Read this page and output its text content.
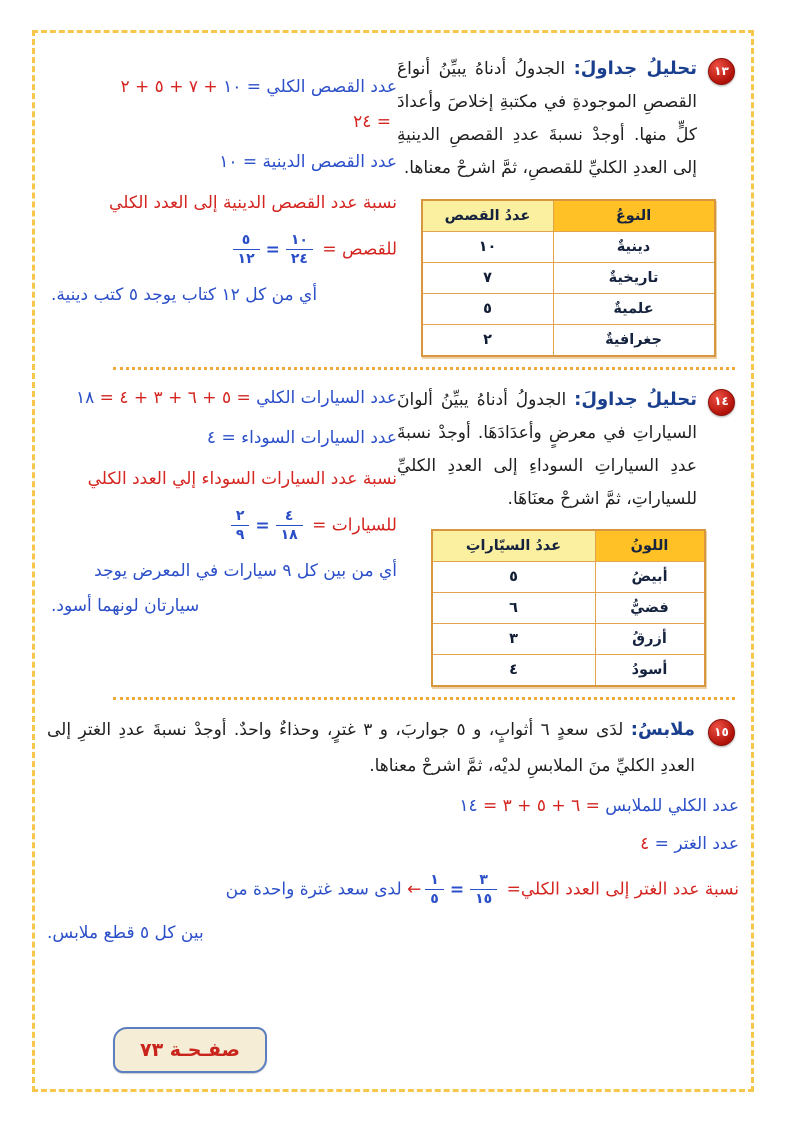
١٣
تحليلُ جداولَ: الجدولُ أدناهُ يبيِّنُ أنواعَ القصصِ الموجودةِ في مكتبةِ إخلاصَ وأعدادَ كلٍّ منها. أوجدْ نسبةَ عددِ القصصِ الدينيةِ إلى العددِ الكليِّ للقصصِ، ثمَّ اشرحْ معناها.

النوعُ	عددُ القصص
دينيةٌ	١٠
تاريخيةٌ	٧
علميةٌ	٥
جغرافيةٌ	٢
عدد القصص الكلي = ١٠ + ٧ + ٥ + ٢
= ٢٤
عدد القصص الدينية = ١٠
نسبة عدد القصص الدينية إلى العدد الكلي
للقصص =
$\frac{١٠}{٢٤}$
=
$\frac{٥}{١٢}$
أي من كل ١٢ كتاب يوجد ٥ كتب دينية.

١٤
تحليلُ جداولَ: الجدولُ أدناهُ يبيِّنُ ألوانَ السياراتِ في معرضٍ وأعدَادَهَا. أوجدْ نسبةَ عددِ السياراتِ السوداءِ إلى العددِ الكليِّ للسياراتِ، ثمَّ اشرحْ معنَاهَا.

اللونُ	عددُ السيّاراتِ
أبيضُ	٥
فضيُّ	٦
أزرقُ	٣
أسودُ	٤
عدد السيارات الكلي = ٥ + ٦ + ٣ + ٤ = ١٨
عدد السيارات السوداء = ٤
نسبة عدد السيارات السوداء إلي العدد الكلي
للسيارات =
$\frac{٤}{١٨}$
=
$\frac{٢}{٩}$
أي من بين كل ٩ سيارات في المعرض يوجد
سيارتان لونهما أسود.

١٥
ملابسُ: لدَى سعدٍ ٦ أثوابٍ، و ٥ جواربَ، و ٣ غترٍ، وحذاءٌ واحدٌ. أوجدْ نسبةَ عددِ الغترِ إلى العددِ الكليِّ منَ الملابسِ لديْه، ثمَّ اشرحْ معناها.

عدد الكلي للملابس = ٦ + ٥ + ٣ = ١٤
عدد الغتر = ٤
نسبة عدد الغتر إلى العدد الكلي=
$\frac{٣}{١٥}$
=
$\frac{١}{٥}$
← لدى سعد غترة واحدة من
بين كل ٥ قطع ملابس.
صفـحـة ٧٣
